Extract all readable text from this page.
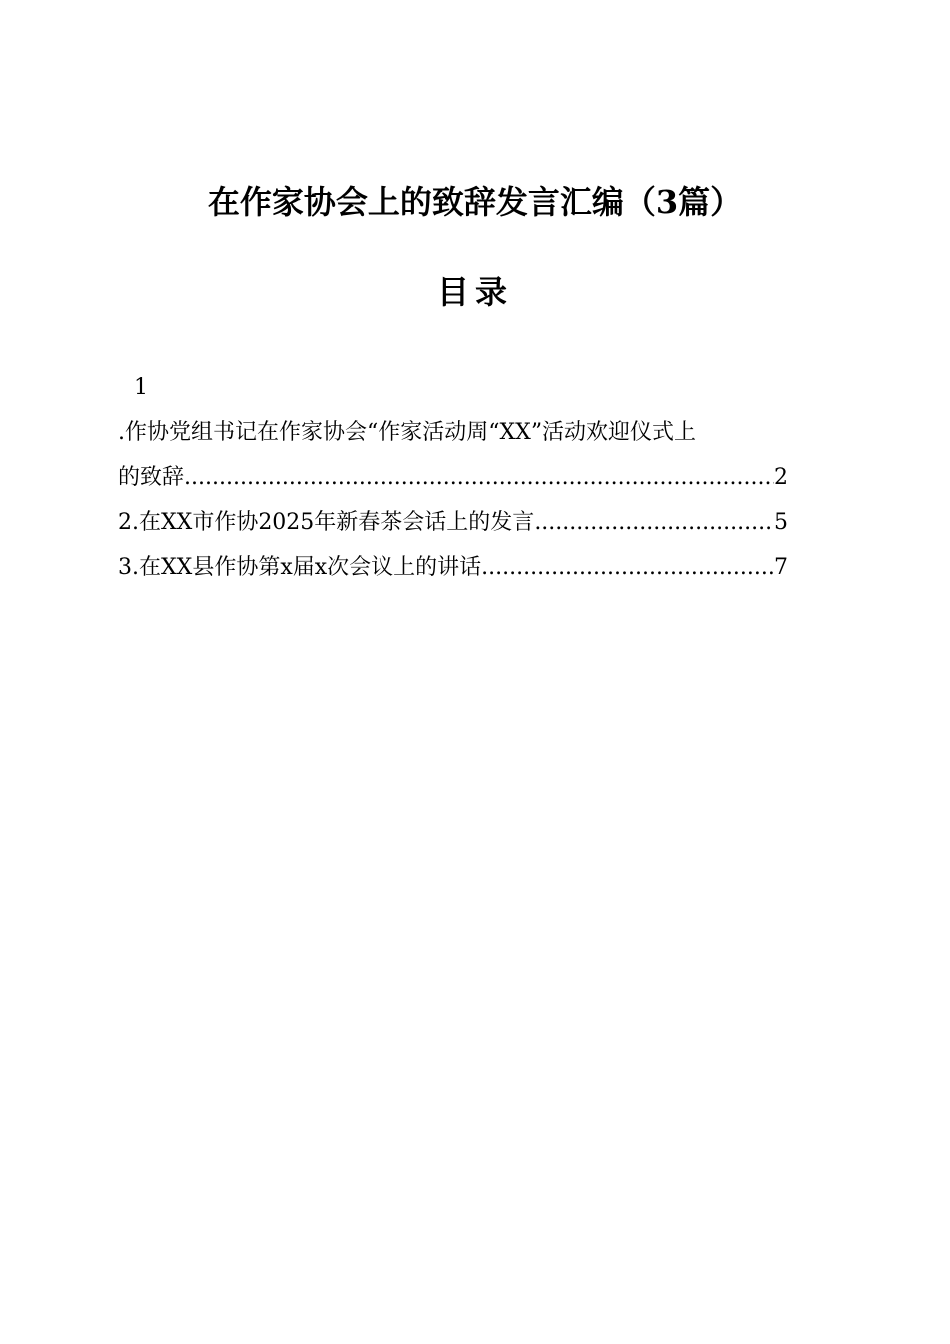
在作家协会上的致辞发言汇编（3篇）
目录
1
.作协党组书记在作家协会“作家活动周“XX”活动欢迎仪式上
的致辞 .....	2
2.在XX市作协2025年新春茶会话上的发言 .....	5
3.在XX县作协第x届x次会议上的讲话 .....	7
